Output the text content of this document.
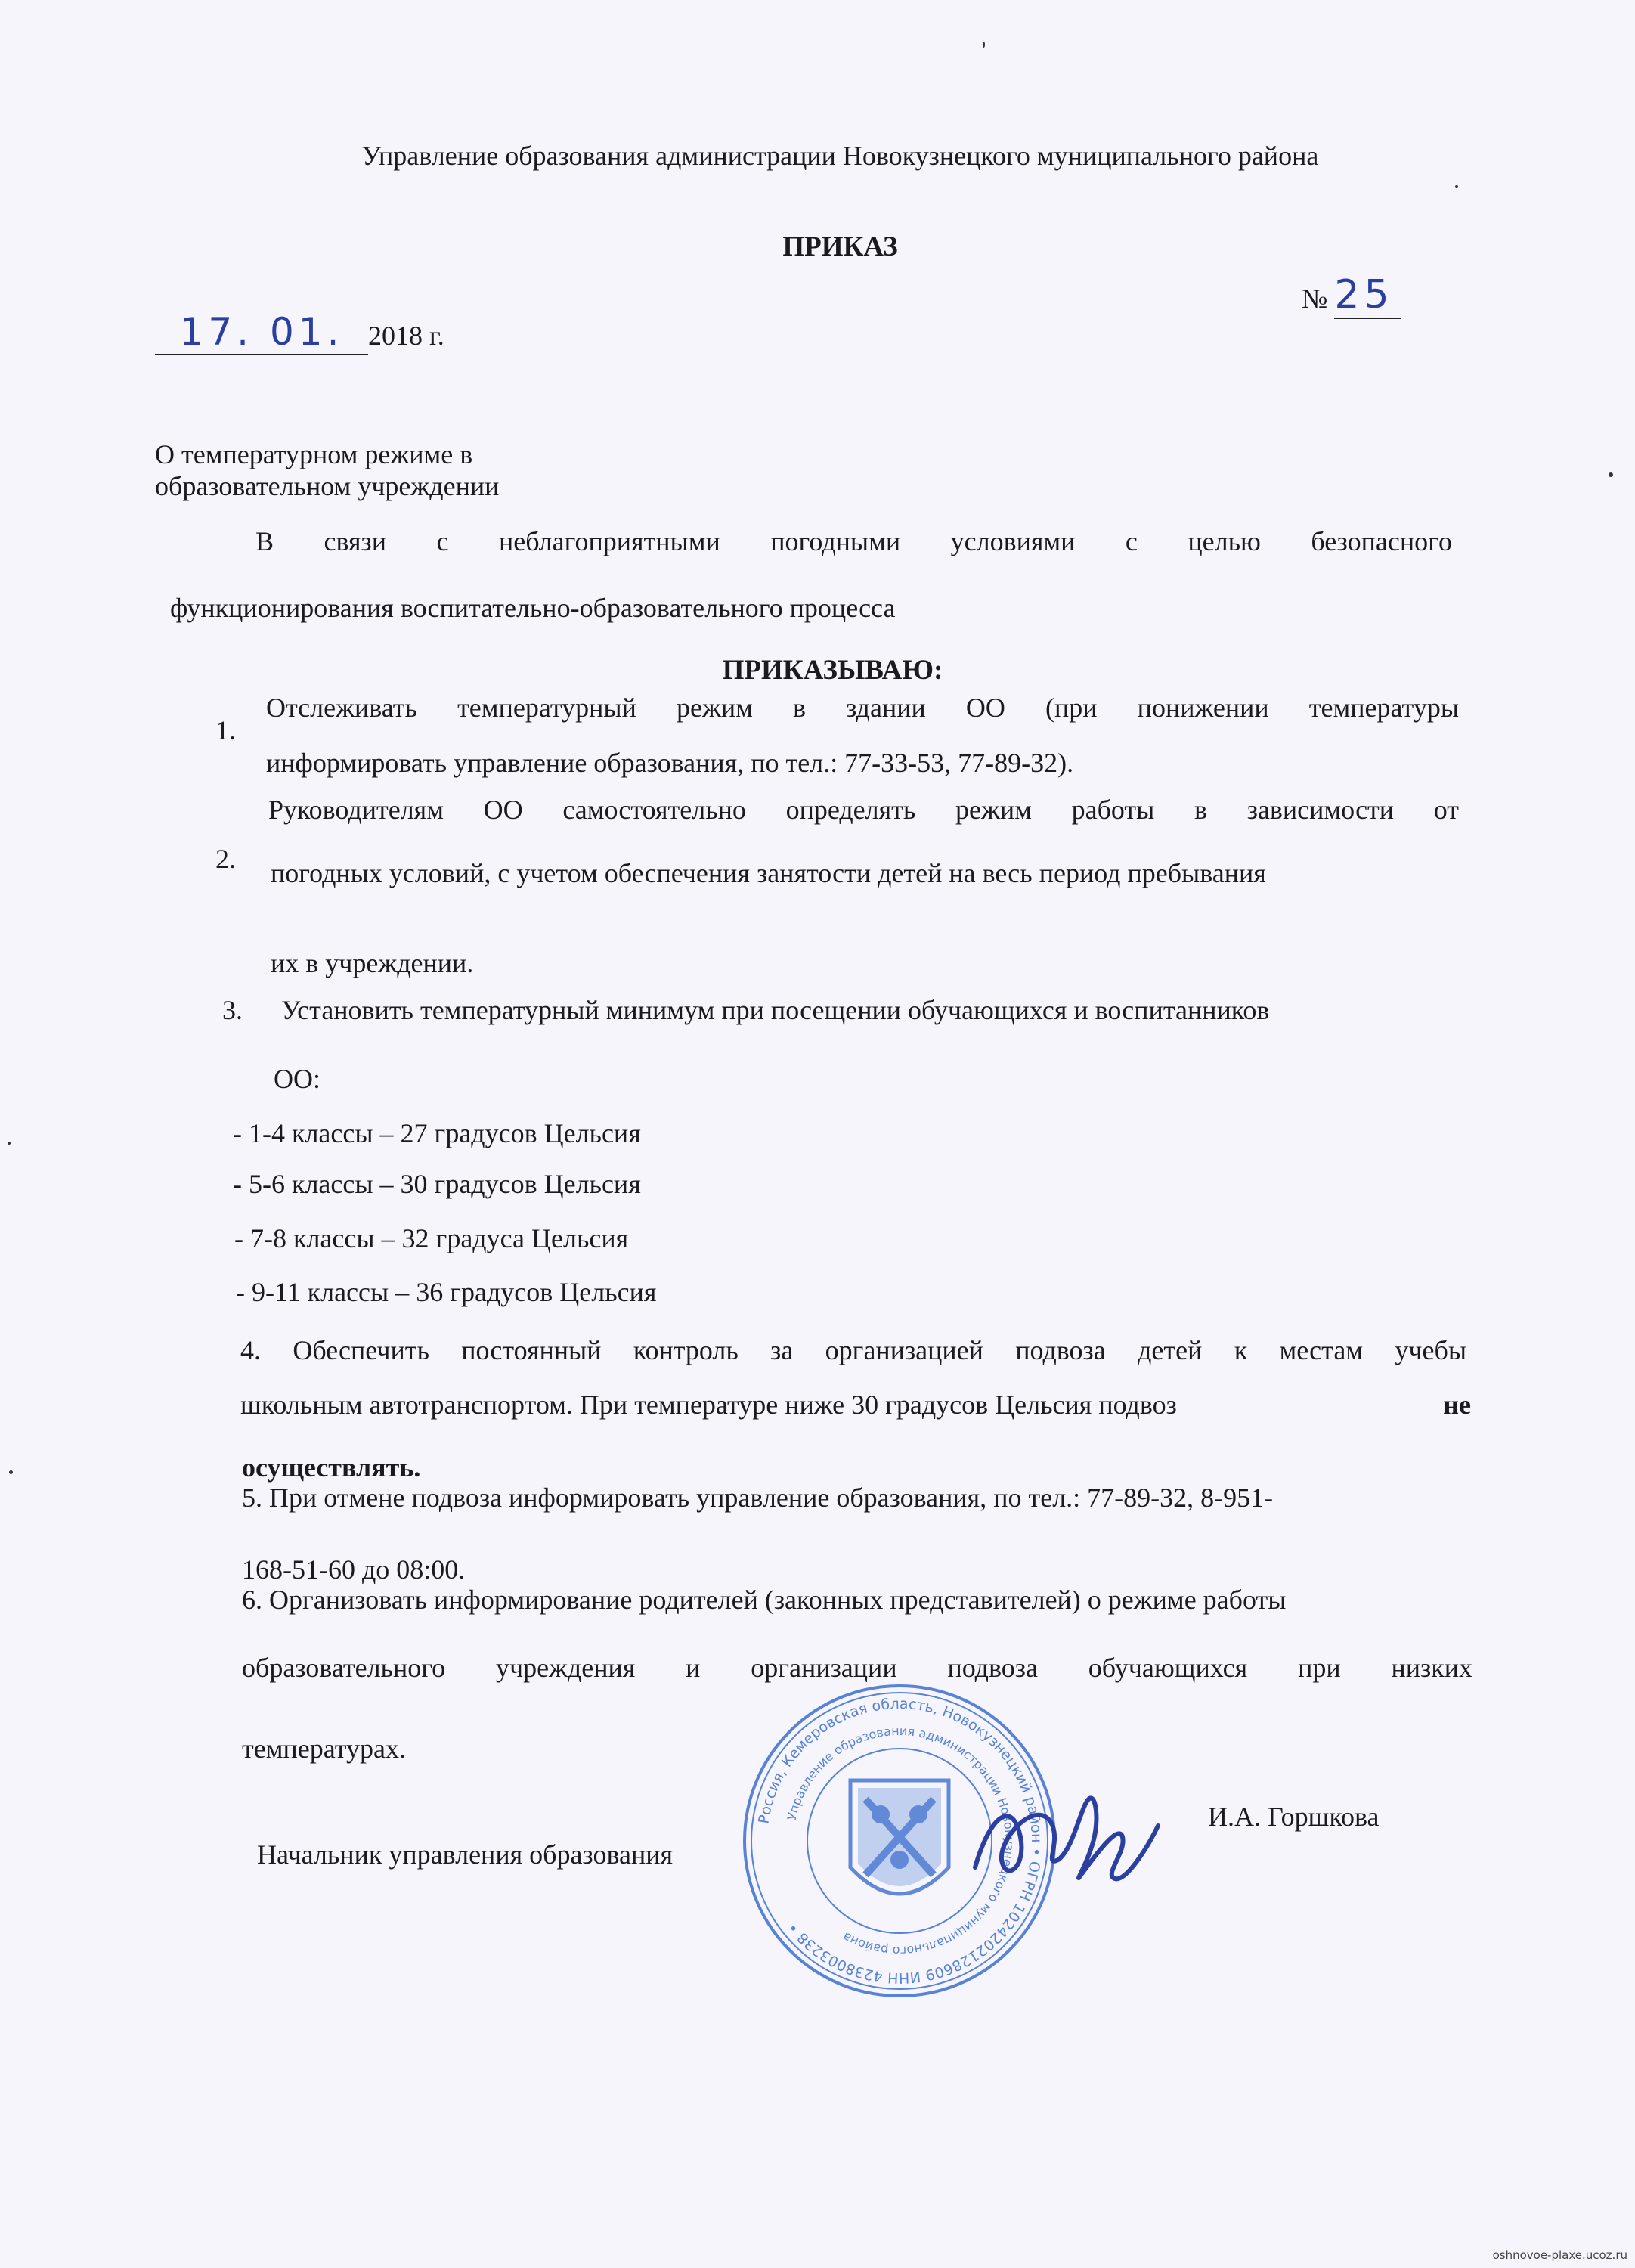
Управление образования администрации Новокузнецкого муниципального района
ПРИКАЗ
№ 25
17. 01. 2018 г.
О температурном режиме в
образовательном учреждении
В связи с неблагоприятными погодными условиями с целью безопасного
функционирования воспитательно-образовательного процесса
ПРИКАЗЫВАЮ:
1.
Отслеживать температурный режим в здании ОО (при понижении температуры
информировать управление образования, по тел.: 77-33-53, 77-89-32).
2.
Руководителям ОО самостоятельно определять режим работы в зависимости от
погодных условий, с учетом обеспечения занятости детей на весь период пребывания
их в учреждении.
3. Установить температурный минимум при посещении обучающихся и воспитанников
ОО:
- 1-4 классы – 27 градусов Цельсия
- 5-6 классы – 30 градусов Цельсия
- 7-8 классы – 32 градуса Цельсия
- 9-11 классы – 36 градусов Цельсия
4. Обеспечить постоянный контроль за организацией подвоза детей к местам учебы
школьным автотранспортом. При температуре ниже 30 градусов Цельсия подвоз	не
осуществлять.
5. При отмене подвоза информировать управление образования, по тел.: 77-89-32, 8-951-
168-51-60 до 08:00.
6. Организовать информирование родителей (законных представителей) о режиме работы
образовательного учреждения и организации подвоза обучающихся при низких
температурах.
Начальник управления образования
И.А. Горшкова
Россия, Кемеровская область, Новокузнецкий район • ОГРН 1024202128609 ИНН 4238003238 •
Управление образования администрации Новокузнецкого муниципального района
oshnovoe-plaxe.ucoz.ru
